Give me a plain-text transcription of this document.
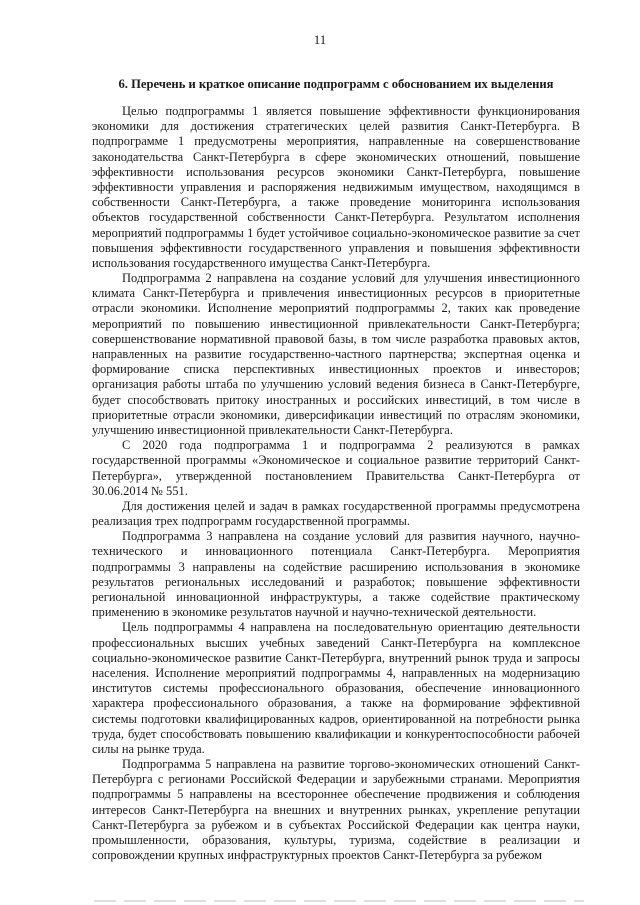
11
6. Перечень и краткое описание подпрограмм с обоснованием их выделения

Целью подпрограммы 1 является повышение эффективности функционирования экономики для достижения стратегических целей развития Санкт-Петербурга. В подпрограмме 1 предусмотрены мероприятия, направленные на совершенствование законодательства Санкт-Петербурга в сфере экономических отношений, повышение эффективности использования ресурсов экономики Санкт-Петербурга, повышение эффективности управления и распоряжения недвижимым имуществом, находящимся в собственности Санкт-Петербурга, а также проведение мониторинга использования объектов государственной собственности Санкт-Петербурга. Результатом исполнения мероприятий подпрограммы 1 будет устойчивое социально-экономическое развитие за счет повышения эффективности государственного управления и повышения эффективности использования государственного имущества Санкт-Петербурга.

Подпрограмма 2 направлена на создание условий для улучшения инвестиционного климата Санкт-Петербурга и привлечения инвестиционных ресурсов в приоритетные отрасли экономики. Исполнение мероприятий подпрограммы 2, таких как проведение мероприятий по повышению инвестиционной привлекательности Санкт-Петербурга; совершенствование нормативной правовой базы, в том числе разработка правовых актов, направленных на развитие государственно-частного партнерства; экспертная оценка и формирование списка перспективных инвестиционных проектов и инвесторов; организация работы штаба по улучшению условий ведения бизнеса в Санкт-Петербурге, будет способствовать притоку иностранных и российских инвестиций, в том числе в приоритетные отрасли экономики, диверсификации инвестиций по отраслям экономики, улучшению инвестиционной привлекательности Санкт-Петербурга.

С 2020 года подпрограмма 1 и подпрограмма 2 реализуются в рамках государственной программы «Экономическое и социальное развитие территорий Санкт-Петербурга», утвержденной постановлением Правительства Санкт-Петербурга от 30.06.2014 № 551.

Для достижения целей и задач в рамках государственной программы предусмотрена реализация трех подпрограмм государственной программы.

Подпрограмма 3 направлена на создание условий для развития научного, научно-технического и инновационного потенциала Санкт-Петербурга. Мероприятия подпрограммы 3 направлены на содействие расширению использования в экономике результатов региональных исследований и разработок; повышение эффективности региональной инновационной инфраструктуры, а также содействие практическому применению в экономике результатов научной и научно-технической деятельности.

Цель подпрограммы 4 направлена на последовательную ориентацию деятельности профессиональных высших учебных заведений Санкт-Петербурга на комплексное социально-экономическое развитие Санкт-Петербурга, внутренний рынок труда и запросы населения. Исполнение мероприятий подпрограммы 4, направленных на модернизацию институтов системы профессионального образования, обеспечение инновационного характера профессионального образования, а также на формирование эффективной системы подготовки квалифицированных кадров, ориентированной на потребности рынка труда, будет способствовать повышению квалификации и конкурентоспособности рабочей силы на рынке труда.

Подпрограмма 5 направлена на развитие торгово-экономических отношений Санкт-Петербурга с регионами Российской Федерации и зарубежными странами. Мероприятия подпрограммы 5 направлены на всестороннее обеспечение продвижения и соблюдения интересов Санкт-Петербурга на внешних и внутренних рынках, укрепление репутации Санкт-Петербурга за рубежом и в субъектах Российской Федерации как центра науки, промышленности, образования, культуры, туризма, содействие в реализации и сопровождении крупных инфраструктурных проектов Санкт-Петербурга за рубежом
